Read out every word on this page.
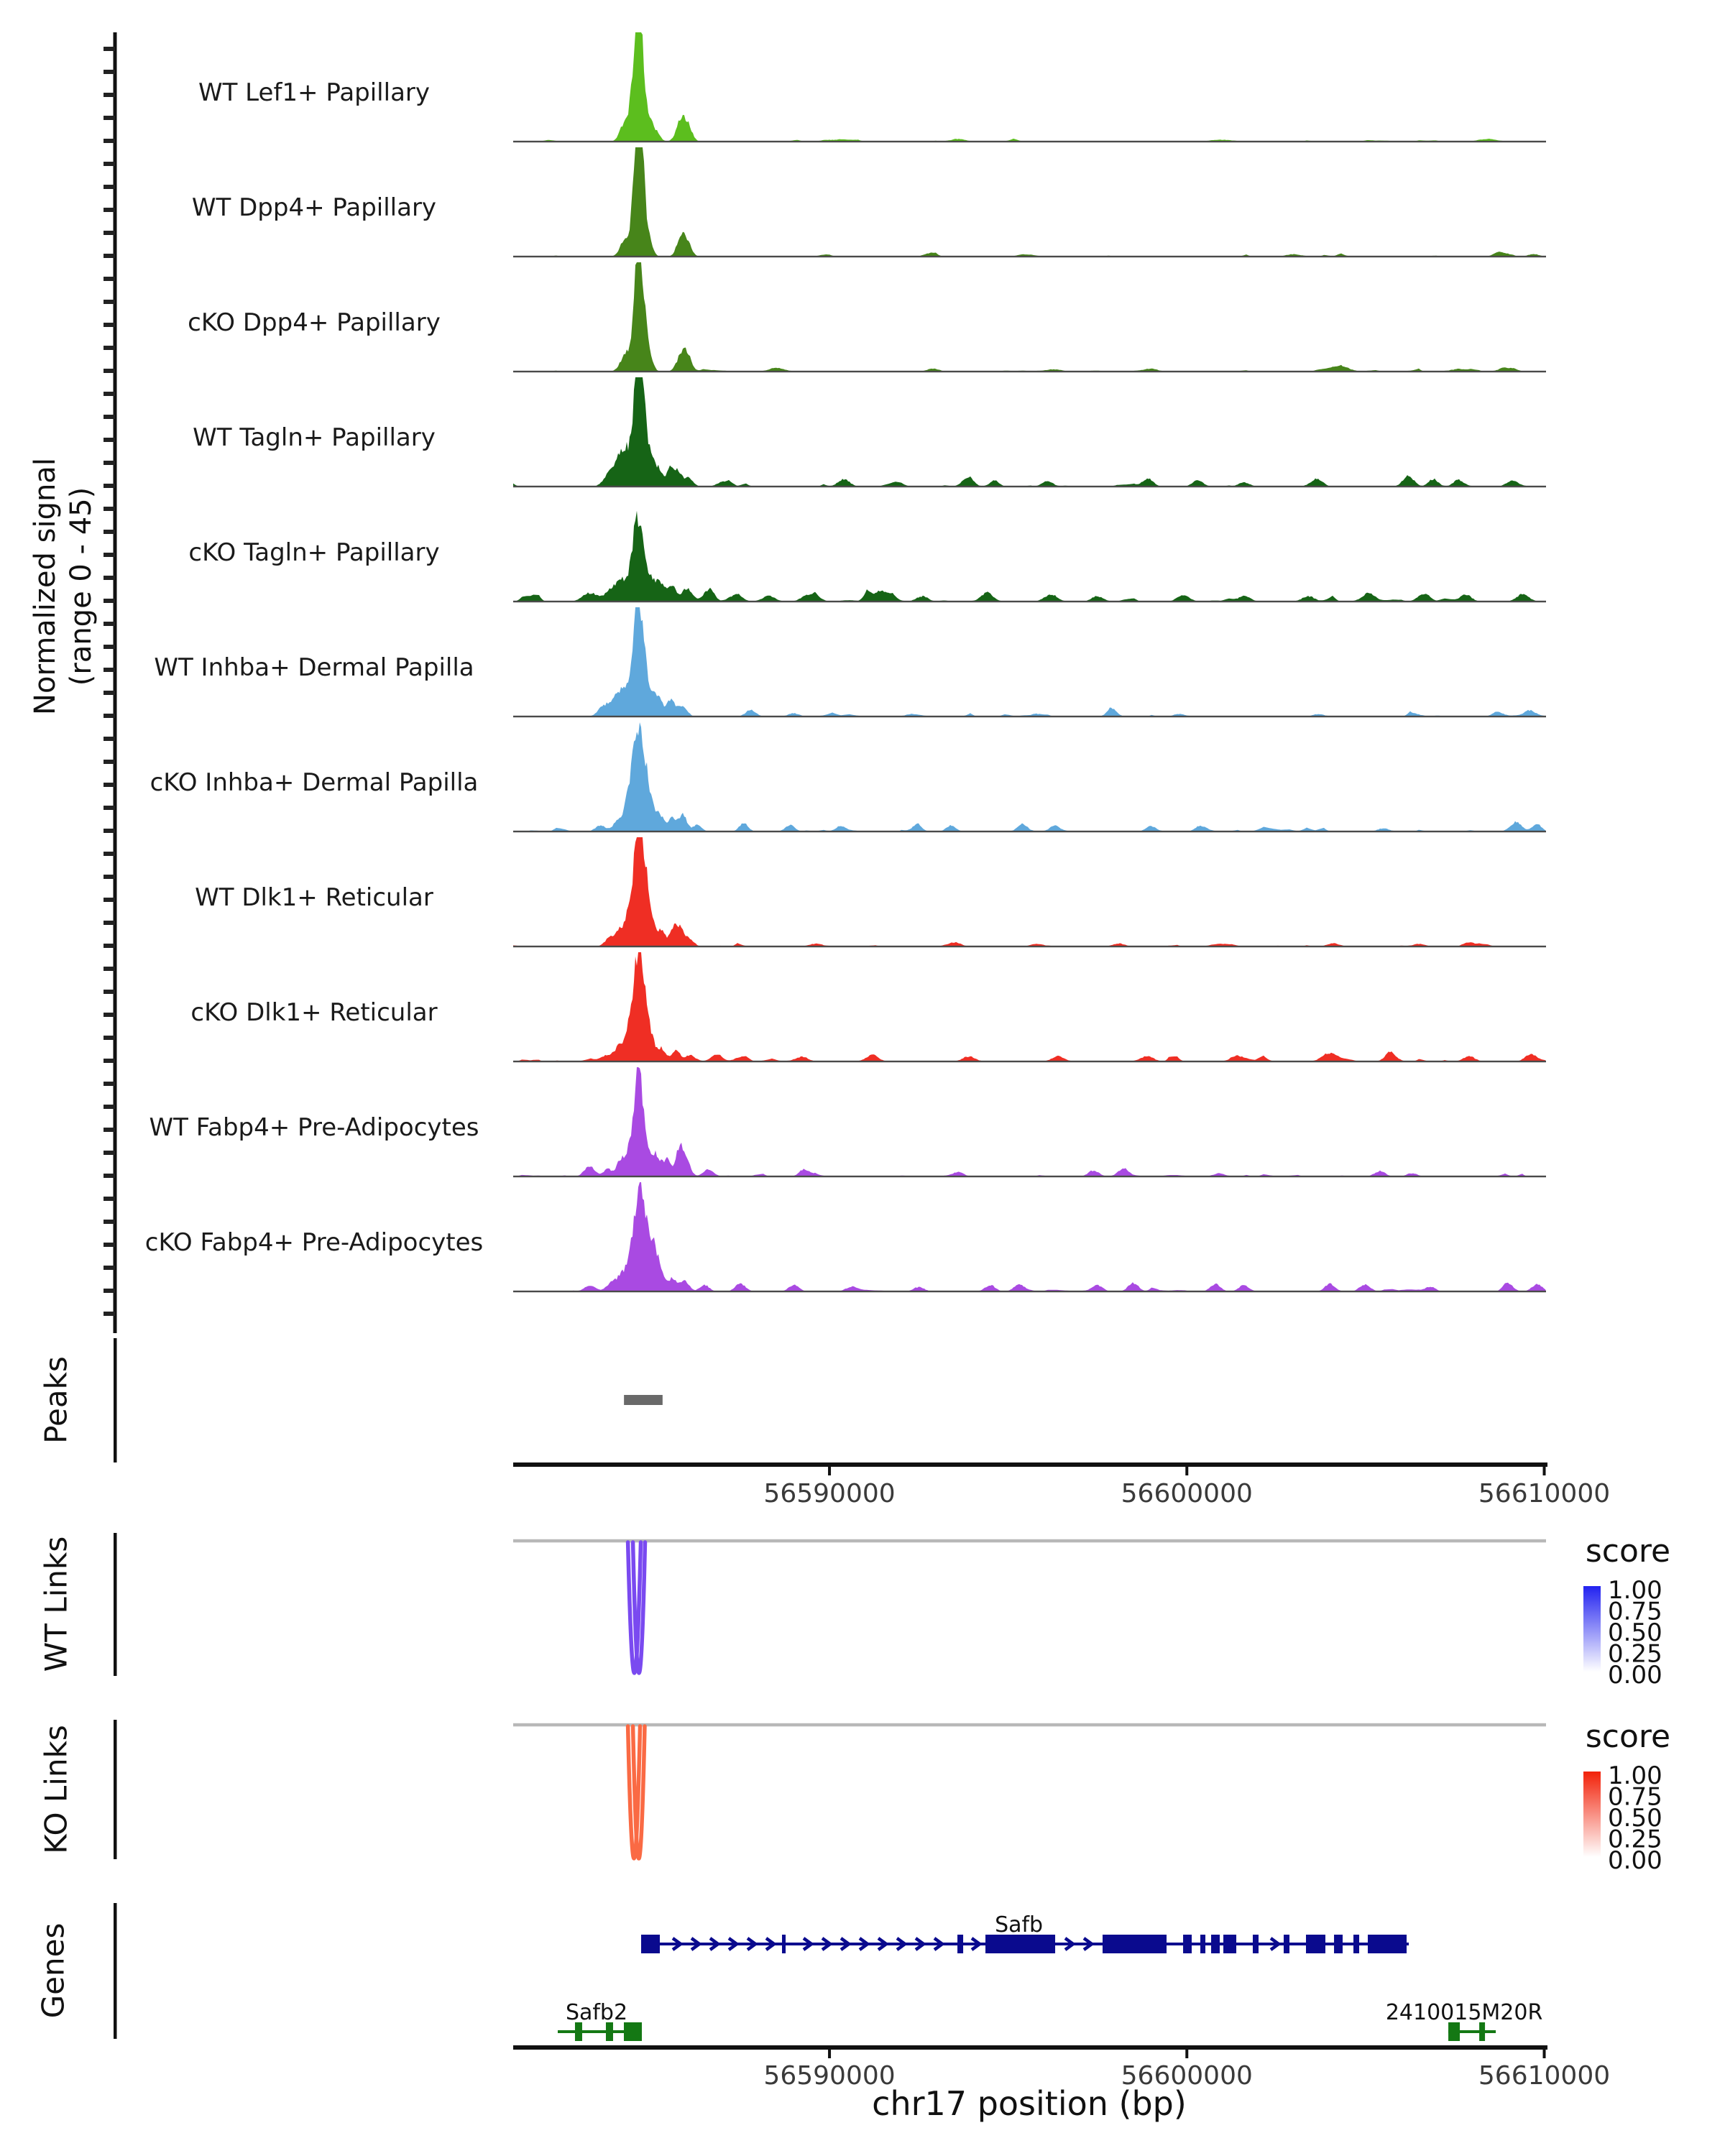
WT Lef1+ Papillary
WT Dpp4+ Papillary
cKO Dpp4+ Papillary
WT Tagln+ Papillary
cKO Tagln+ Papillary
WT Inhba+ Dermal Papilla
cKO Inhba+ Dermal Papilla
WT Dlk1+ Reticular
cKO Dlk1+ Reticular
WT Fabp4+ Pre-Adipocytes
cKO Fabp4+ Pre-Adipocytes
56590000	56600000	56610000
score
1.00
0.75
0.50
0.25
0.00
score
1.00
0.75
0.50
0.25
0.00
Safb
Safb2	2410015M20R
56590000	56600000	56610000
Normalized signal (range 0 - 45)
Peaks
WT Links
KO Links
Genes
chr17 position (bp)
